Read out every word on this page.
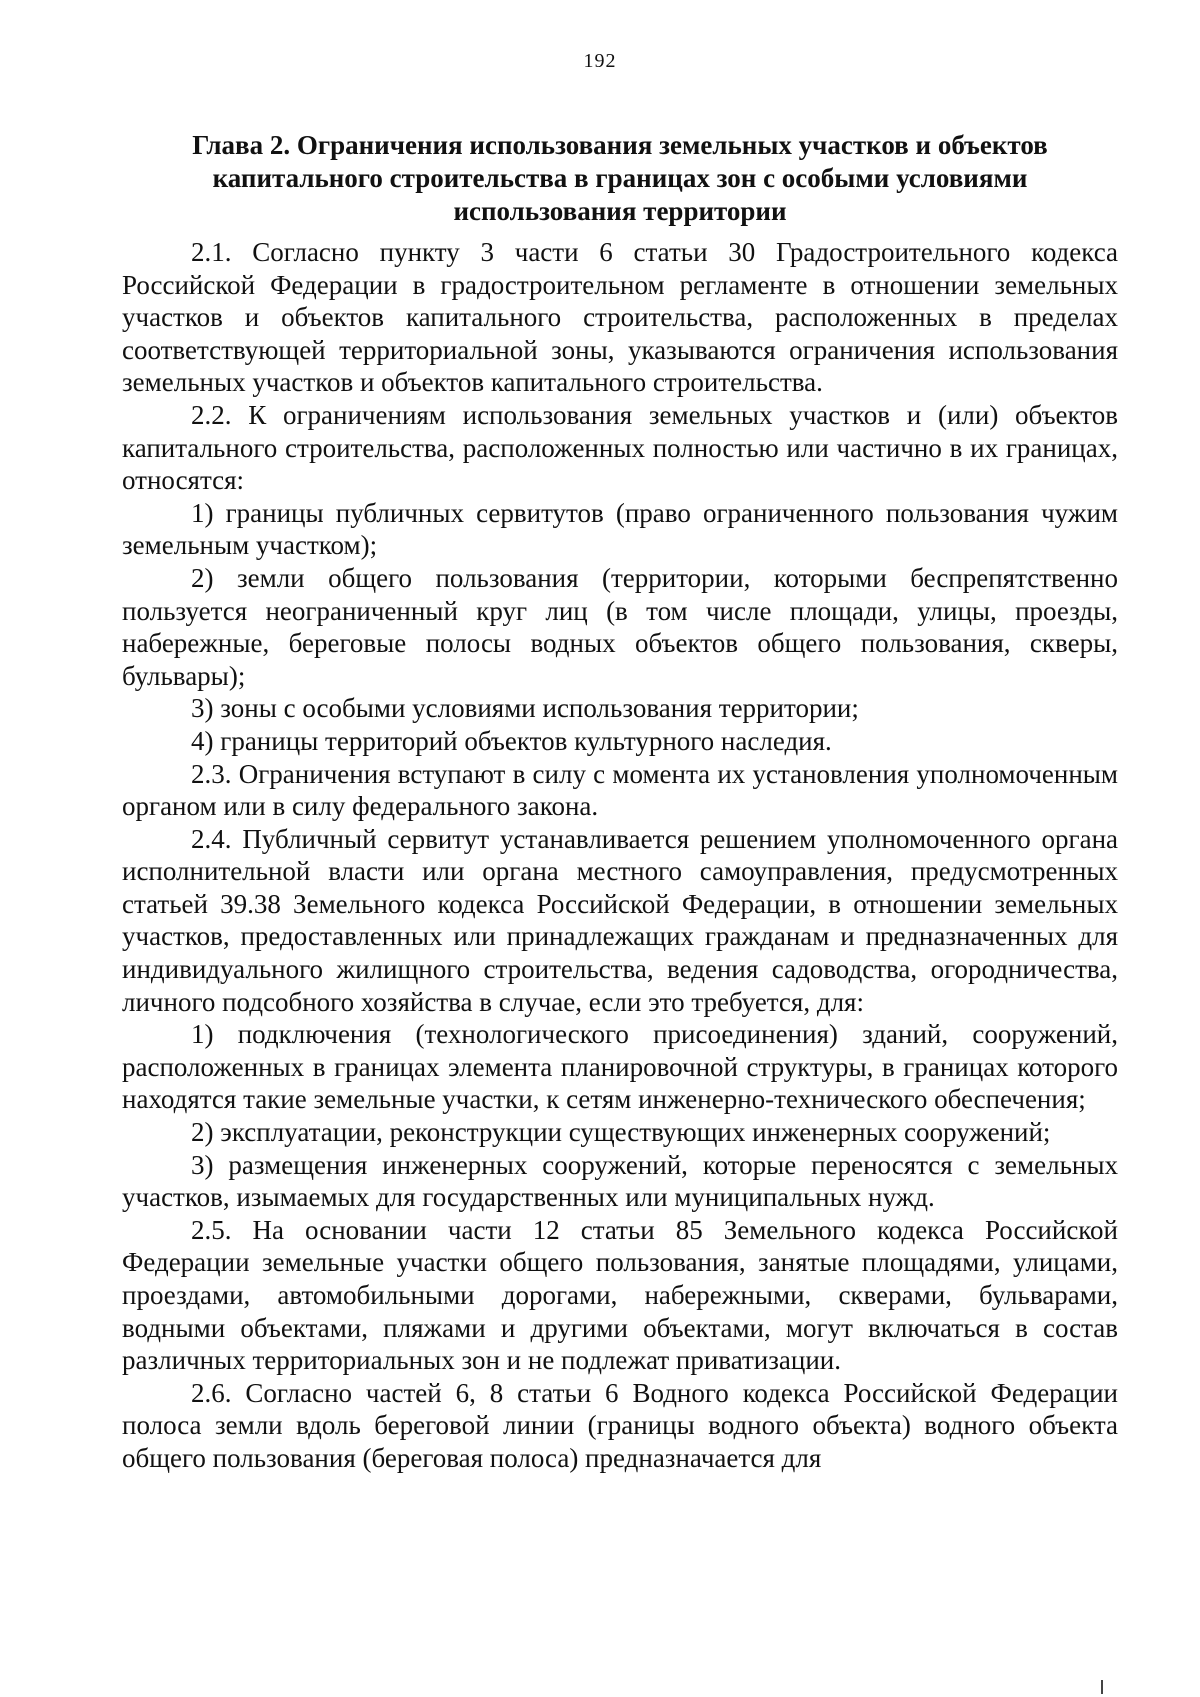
192
Глава 2. Ограничения использования земельных участков и объектов капитального строительства в границах зон с особыми условиями использования территории

2.1. Согласно пункту 3 части 6 статьи 30 Градостроительного кодекса Российской Федерации в градостроительном регламенте в отношении земельных участков и объектов капитального строительства, расположенных в пределах соответствующей территориальной зоны, указываются ограничения использования земельных участков и объектов капитального строительства.

2.2. К ограничениям использования земельных участков и (или) объектов капитального строительства, расположенных полностью или частично в их границах, относятся:

1) границы публичных сервитутов (право ограниченного пользования чужим земельным участком);

2) земли общего пользования (территории, которыми беспрепятственно пользуется неограниченный круг лиц (в том числе площади, улицы, проезды, набережные, береговые полосы водных объектов общего пользования, скверы, бульвары);

3) зоны с особыми условиями использования территории;

4) границы территорий объектов культурного наследия.

2.3. Ограничения вступают в силу с момента их установления уполномоченным органом или в силу федерального закона.

2.4. Публичный сервитут устанавливается решением уполномоченного органа исполнительной власти или органа местного самоуправления, предусмотренных статьей 39.38 Земельного кодекса Российской Федерации, в отношении земельных участков, предоставленных или принадлежащих гражданам и предназначенных для индивидуального жилищного строительства, ведения садоводства, огородничества, личного подсобного хозяйства в случае, если это требуется, для:

1) подключения (технологического присоединения) зданий, сооружений, расположенных в границах элемента планировочной структуры, в границах которого находятся такие земельные участки, к сетям инженерно-технического обеспечения;

2) эксплуатации, реконструкции существующих инженерных сооружений;

3) размещения инженерных сооружений, которые переносятся с земельных участков, изымаемых для государственных или муниципальных нужд.

2.5. На основании части 12 статьи 85 Земельного кодекса Российской Федерации земельные участки общего пользования, занятые площадями, улицами, проездами, автомобильными дорогами, набережными, скверами, бульварами, водными объектами, пляжами и другими объектами, могут включаться в состав различных территориальных зон и не подлежат приватизации.

2.6. Согласно частей 6, 8 статьи 6 Водного кодекса Российской Федерации полоса земли вдоль береговой линии (границы водного объекта) водного объекта общего пользования (береговая полоса) предназначается для
